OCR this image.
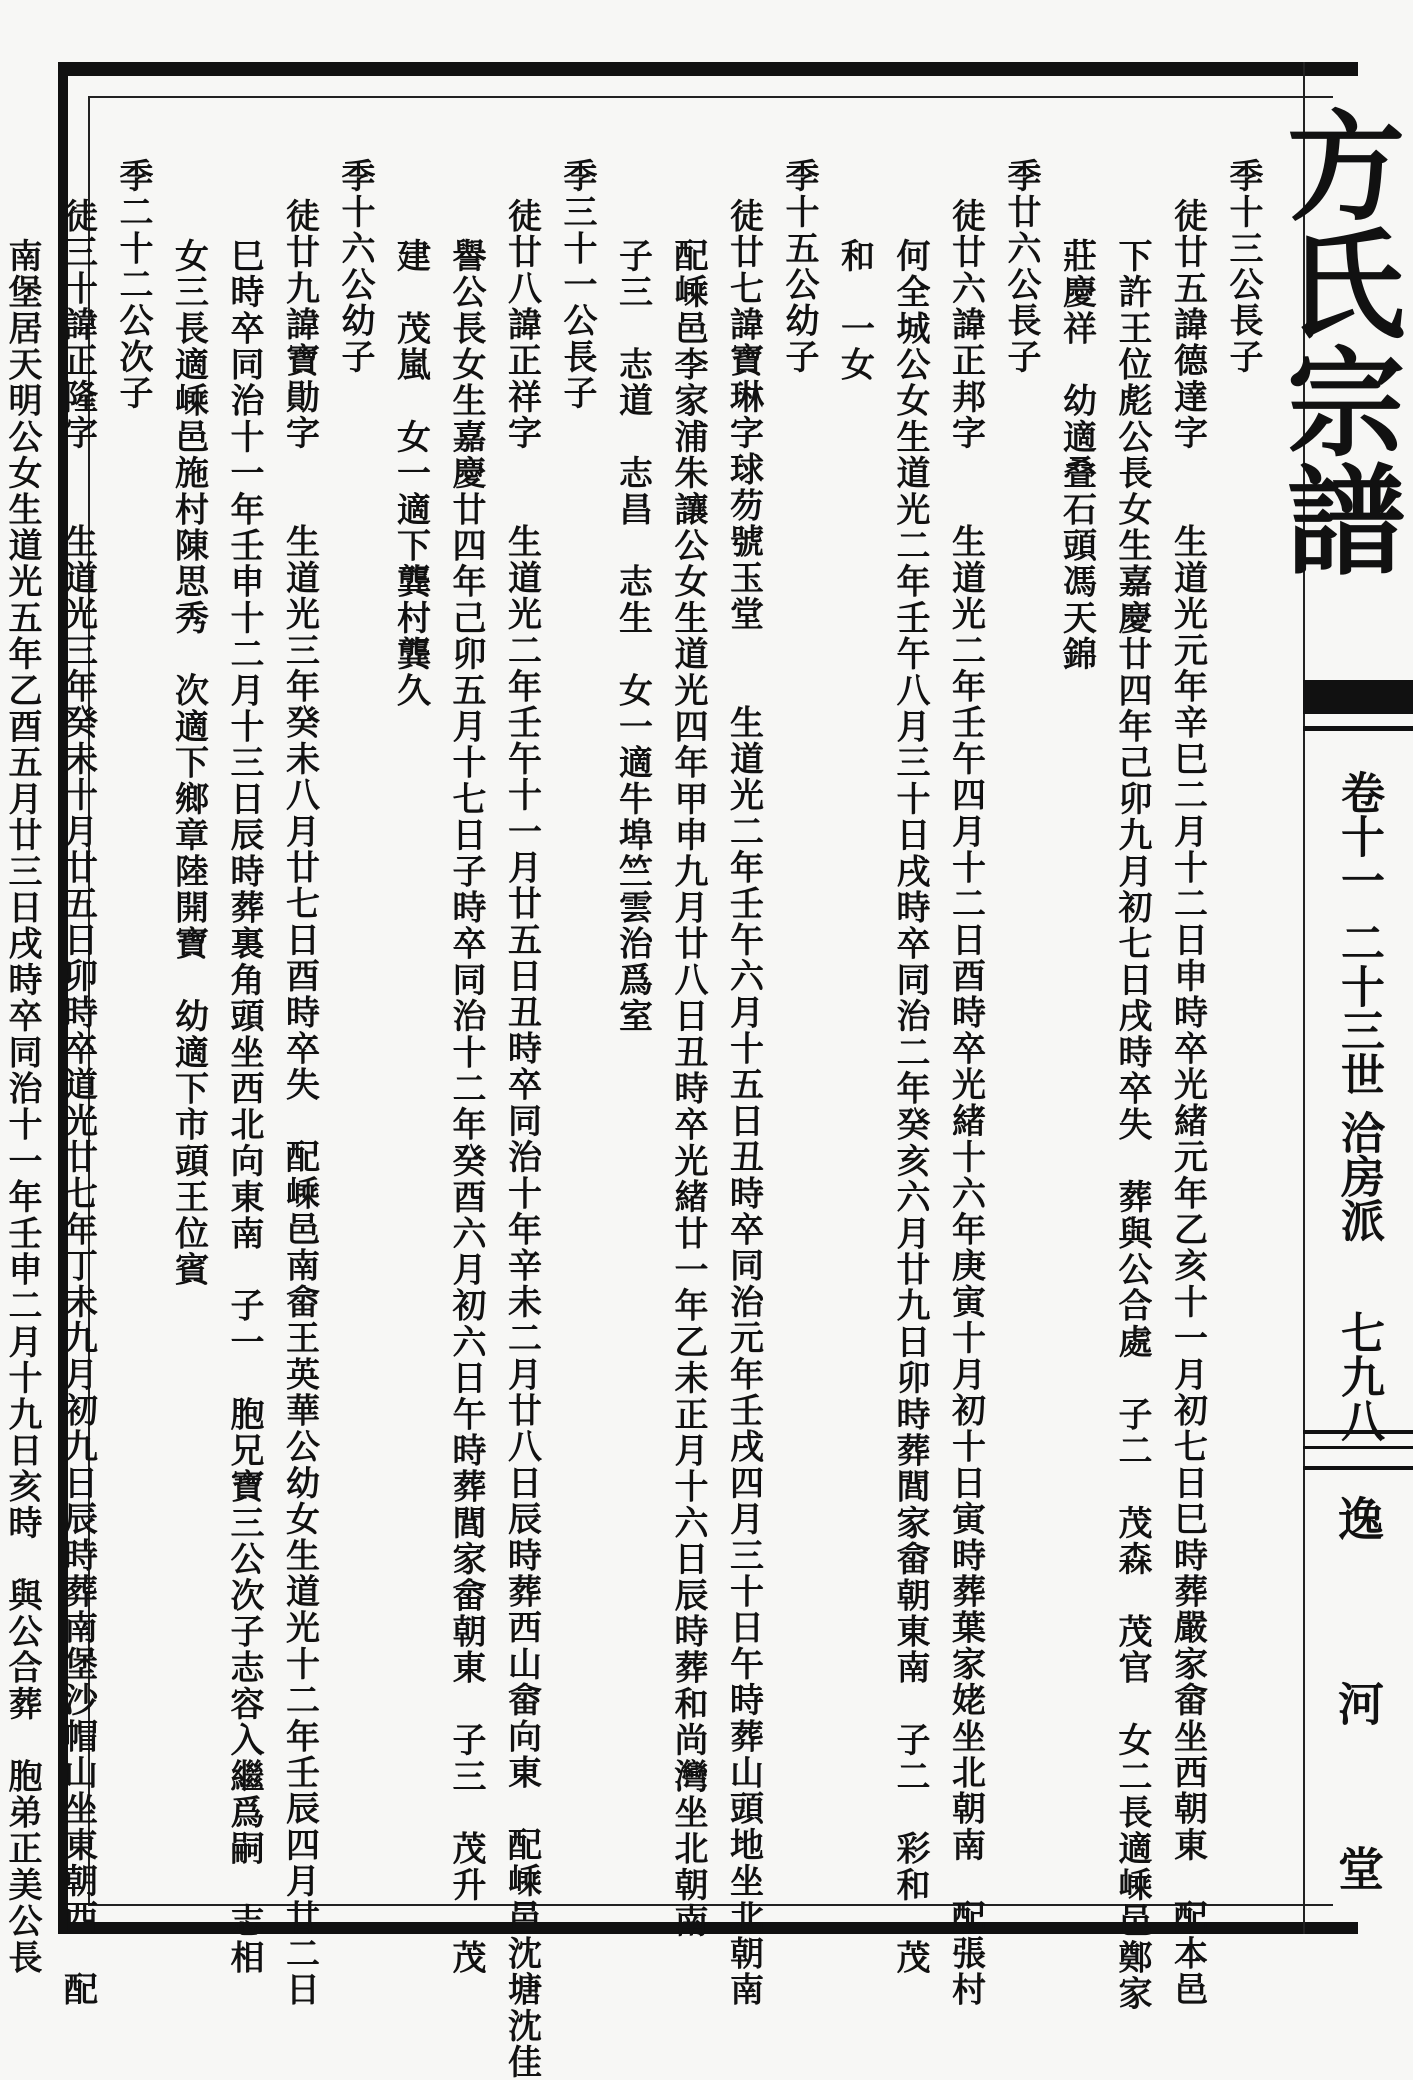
方氏宗譜
卷十一
二十三世
洽房派
七九八
逸
河
堂
季十三公長子
徒廿五諱德達字　　生道光元年辛巳二月十二日申時卒光緒元年乙亥十一月初七日巳時葬嚴家畲坐西朝東　配本邑
下許王位彪公長女生嘉慶廿四年己卯九月初七日戌時卒失　葬與公合處　子二　茂森　茂官　女二長適嵊邑鄭家
莊慶祥　幼適叠石頭馮天錦
季廿六公長子
徒廿六諱正邦字　　生道光二年壬午四月十二日酉時卒光緒十六年庚寅十月初十日寅時葬葉家姥坐北朝南　配張村
何全城公女生道光二年壬午八月三十日戌時卒同治二年癸亥六月廿九日卯時葬閭家畲朝東南　子二　彩和　茂
和　一女
季十五公幼子
徒廿七諱寶琳字球芴號玉堂　　生道光二年壬午六月十五日丑時卒同治元年壬戌四月三十日午時葬山頭地坐北朝南
配嵊邑李家浦朱讓公女生道光四年甲申九月廿八日丑時卒光緒廿一年乙未正月十六日辰時葬和尚灣坐北朝南
子三　志道　志昌　志生　女一適牛埠竺雲治爲室
季三十一公長子
徒廿八諱正祥字　　生道光二年壬午十一月廿五日丑時卒同治十年辛未二月廿八日辰時葬西山畲向東　配嵊邑沈塘沈佳
譽公長女生嘉慶廿四年己卯五月十七日子時卒同治十二年癸酉六月初六日午時葬閭家畲朝東　子三　茂升　茂
建　茂嵐　女一適下龔村龔久
季十六公幼子
徒廿九諱寶勛字　　生道光三年癸未八月廿七日酉時卒失　配嵊邑南畲王英華公幼女生道光十二年壬辰四月廿二日
巳時卒同治十一年壬申十二月十三日辰時葬裏角頭坐西北向東南　子一　胞兄寶三公次子志容入繼爲嗣　志相
女三長適嵊邑施村陳思秀　次適下鄉章陸開寶　幼適下市頭王位賓
季二十二公次子
徒三十諱正隆字　　生道光三年癸未十月廿五日卯時卒道光廿七年丁未九月初九日辰時葬南堡沙帽山坐東朝西　配
南堡居天明公女生道光五年乙酉五月廿三日戌時卒同治十一年壬申二月十九日亥時　與公合葬　胞弟正美公長
